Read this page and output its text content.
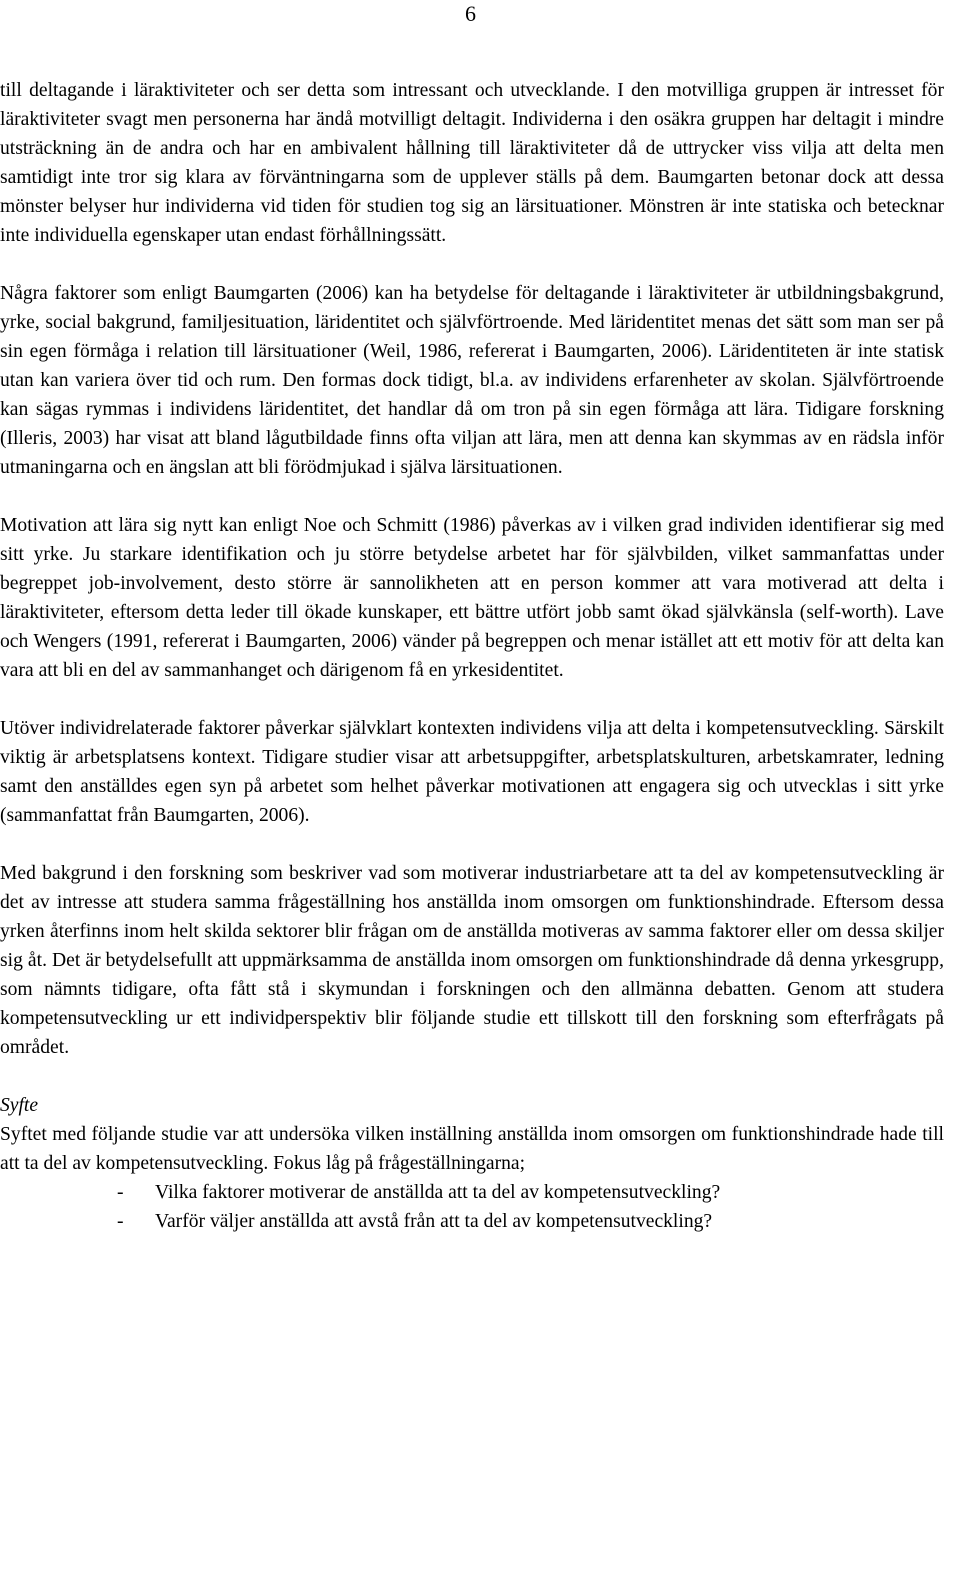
6

till deltagande i läraktiviteter och ser detta som intressant och utvecklande. I den motvilliga gruppen är intresset för läraktiviteter svagt men personerna har ändå motvilligt deltagit. Individerna i den osäkra gruppen har deltagit i mindre utsträckning än de andra och har en ambivalent hållning till läraktiviteter då de uttrycker viss vilja att delta men samtidigt inte tror sig klara av förväntningarna som de upplever ställs på dem. Baumgarten betonar dock att dessa mönster belyser hur individerna vid tiden för studien tog sig an lärsituationer. Mönstren är inte statiska och betecknar inte individuella egenskaper utan endast förhållningssätt.

Några faktorer som enligt Baumgarten (2006) kan ha betydelse för deltagande i läraktiviteter är utbildningsbakgrund, yrke, social bakgrund, familjesituation, läridentitet och självförtroende. Med läridentitet menas det sätt som man ser på sin egen förmåga i relation till lärsituationer (Weil, 1986, refererat i Baumgarten, 2006). Läridentiteten är inte statisk utan kan variera över tid och rum. Den formas dock tidigt, bl.a. av individens erfarenheter av skolan. Självförtroende kan sägas rymmas i individens läridentitet, det handlar då om tron på sin egen förmåga att lära. Tidigare forskning (Illeris, 2003) har visat att bland lågutbildade finns ofta viljan att lära, men att denna kan skymmas av en rädsla inför utmaningarna och en ängslan att bli förödmjukad i själva lärsituationen.

Motivation att lära sig nytt kan enligt Noe och Schmitt (1986) påverkas av i vilken grad individen identifierar sig med sitt yrke. Ju starkare identifikation och ju större betydelse arbetet har för självbilden, vilket sammanfattas under begreppet job-involvement, desto större är sannolikheten att en person kommer att vara motiverad att delta i läraktiviteter, eftersom detta leder till ökade kunskaper, ett bättre utfört jobb samt ökad självkänsla (self-worth). Lave och Wengers (1991, refererat i Baumgarten, 2006) vänder på begreppen och menar istället att ett motiv för att delta kan vara att bli en del av sammanhanget och därigenom få en yrkesidentitet.

Utöver individrelaterade faktorer påverkar självklart kontexten individens vilja att delta i kompetensutveckling. Särskilt viktig är arbetsplatsens kontext. Tidigare studier visar att arbetsuppgifter, arbetsplatskulturen, arbetskamrater, ledning samt den anställdes egen syn på arbetet som helhet påverkar motivationen att engagera sig och utvecklas i sitt yrke (sammanfattat från Baumgarten, 2006).

Med bakgrund i den forskning som beskriver vad som motiverar industriarbetare att ta del av kompetensutveckling är det av intresse att studera samma frågeställning hos anställda inom omsorgen om funktionshindrade. Eftersom dessa yrken återfinns inom helt skilda sektorer blir frågan om de anställda motiveras av samma faktorer eller om dessa skiljer sig åt. Det är betydelsefullt att uppmärksamma de anställda inom omsorgen om funktionshindrade då denna yrkesgrupp, som nämnts tidigare, ofta fått stå i skymundan i forskningen och den allmänna debatten. Genom att studera kompetensutveckling ur ett individperspektiv blir följande studie ett tillskott till den forskning som efterfrågats på området.

Syfte

Syftet med följande studie var att undersöka vilken inställning anställda inom omsorgen om funktionshindrade hade till att ta del av kompetensutveckling. Fokus låg på frågeställningarna;

- Vilka faktorer motiverar de anställda att ta del av kompetensutveckling?
- Varför väljer anställda att avstå från att ta del av kompetensutveckling?
